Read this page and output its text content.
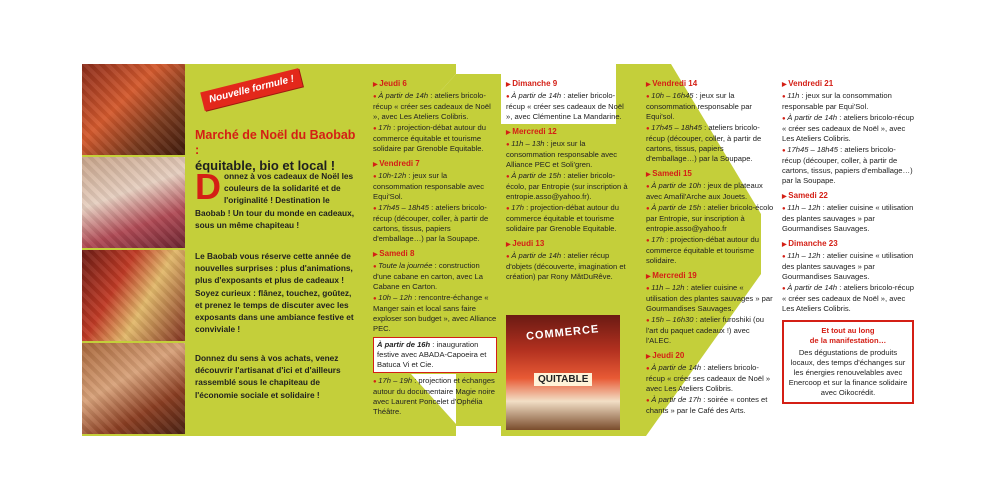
Nouvelle formule !
Marché de Noël du Baobab :
équitable, bio et local !
D onnez à vos cadeaux de Noël les couleurs de la solidarité et de l'originalité ! Destination le Baobab ! Un tour du monde en cadeaux, sous un même chapiteau !
Le Baobab vous réserve cette année de nouvelles surprises : plus d'animations, plus d'exposants et plus de cadeaux ! Soyez curieux : flânez, touchez, goûtez, et prenez le temps de discuter avec les exposants dans une ambiance festive et conviviale !
Donnez du sens à vos achats, venez découvrir l'artisanat d'ici et d'ailleurs rassemblé sous le chapiteau de l'économie sociale et solidaire !
▶ Jeudi 6
● À partir de 14h : ateliers bricolo-récup « créer ses cadeaux de Noël », avec Les Ateliers Colibris.
● 17h : projection-débat autour du commerce équitable et tourisme solidaire par Grenoble Equitable.
▶ Vendredi 7
● 10h-12h : jeux sur la consommation responsable avec Equi'Sol.
● 17h45 – 18h45 : ateliers bricolo-récup (découper, coller, à partir de cartons, tissus, papiers d'emballage…) par la Soupape.
▶ Samedi 8
● Toute la journée : construction d'une cabane en carton, avec La Cabane en Carton.
● 10h – 12h : rencontre-échange « Manger sain et local sans faire exploser son budget », avec Alliance PEC.
À partir de 16h : inauguration festive avec ABADA-Capoeira et Batuca Vi et Cie.
● 17h – 19h : projection et échanges autour du documentaire Magie noire avec Laurent Poncelet d'Ophélia Théâtre.
▶ Dimanche 9
● À partir de 14h : atelier bricolo-récup « créer ses cadeaux de Noël », avec Clémentine La Mandarine.
▶ Mercredi 12
● 11h – 13h : jeux sur la consommation responsable avec Alliance PEC et Soli'gren.
● À partir de 15h : atelier bricolo-écolo, par Entropie (sur inscription à entropie.asso@yahoo.fr).
● 17h : projection-débat autour du commerce équitable et tourisme solidaire par Grenoble Equitable.
▶ Jeudi 13
● À partir de 14h : atelier récup d'objets (découverte, imagination et création) par Rony MătDuRêve.
COMMERCE
QUITABLE
▶ Vendredi 14
● 10h – 16h45 : jeux sur la consommation responsable par Equi'sol.
● 17h45 – 18h45 : ateliers bricolo-récup (découper, coller, à partir de cartons, tissus, papiers d'emballage…) par la Soupape.
▶ Samedi 15
● À partir de 10h : jeux de plateaux avec Amafil'Arche aux Jouets.
● À partir de 15h : atelier bricolo-écolo par Entropie, sur inscription à entropie.asso@yahoo.fr
● 17h : projection-débat autour du commerce équitable et tourisme solidaire.
▶ Mercredi 19
● 11h – 12h : atelier cuisine « utilisation des plantes sauvages » par Gourmandises Sauvages.
● 15h – 16h30 : atelier furoshiki (ou l'art du paquet cadeaux !) avec l'ALEC.
▶ Jeudi 20
● À partir de 14h : ateliers bricolo-récup « créer ses cadeaux de Noël » avec Les Ateliers Colibris.
● À partir de 17h : soirée « contes et chants » par le Café des Arts.
▶ Vendredi 21
● 11h : jeux sur la consommation responsable par Equi'Sol.
● À partir de 14h : ateliers bricolo-récup « créer ses cadeaux de Noël », avec Les Ateliers Colibris.
● 17h45 – 18h45 : ateliers bricolo-récup (découper, coller, à partir de cartons, tissus, papiers d'emballage…) par la Soupape.
▶ Samedi 22
● 11h – 12h : atelier cuisine « utilisation des plantes sauvages » par Gourmandises Sauvages.
▶ Dimanche 23
● 11h – 12h : atelier cuisine « utilisation des plantes sauvages » par Gourmandises Sauvages.
● À partir de 14h : ateliers bricolo-récup « créer ses cadeaux de Noël », avec Les Ateliers Colibris.
Et tout au long
de la manifestation…
Des dégustations de produits locaux, des temps d'échanges sur les énergies renouvelables avec Enercoop et sur la finance solidaire avec Oikocrédit.
